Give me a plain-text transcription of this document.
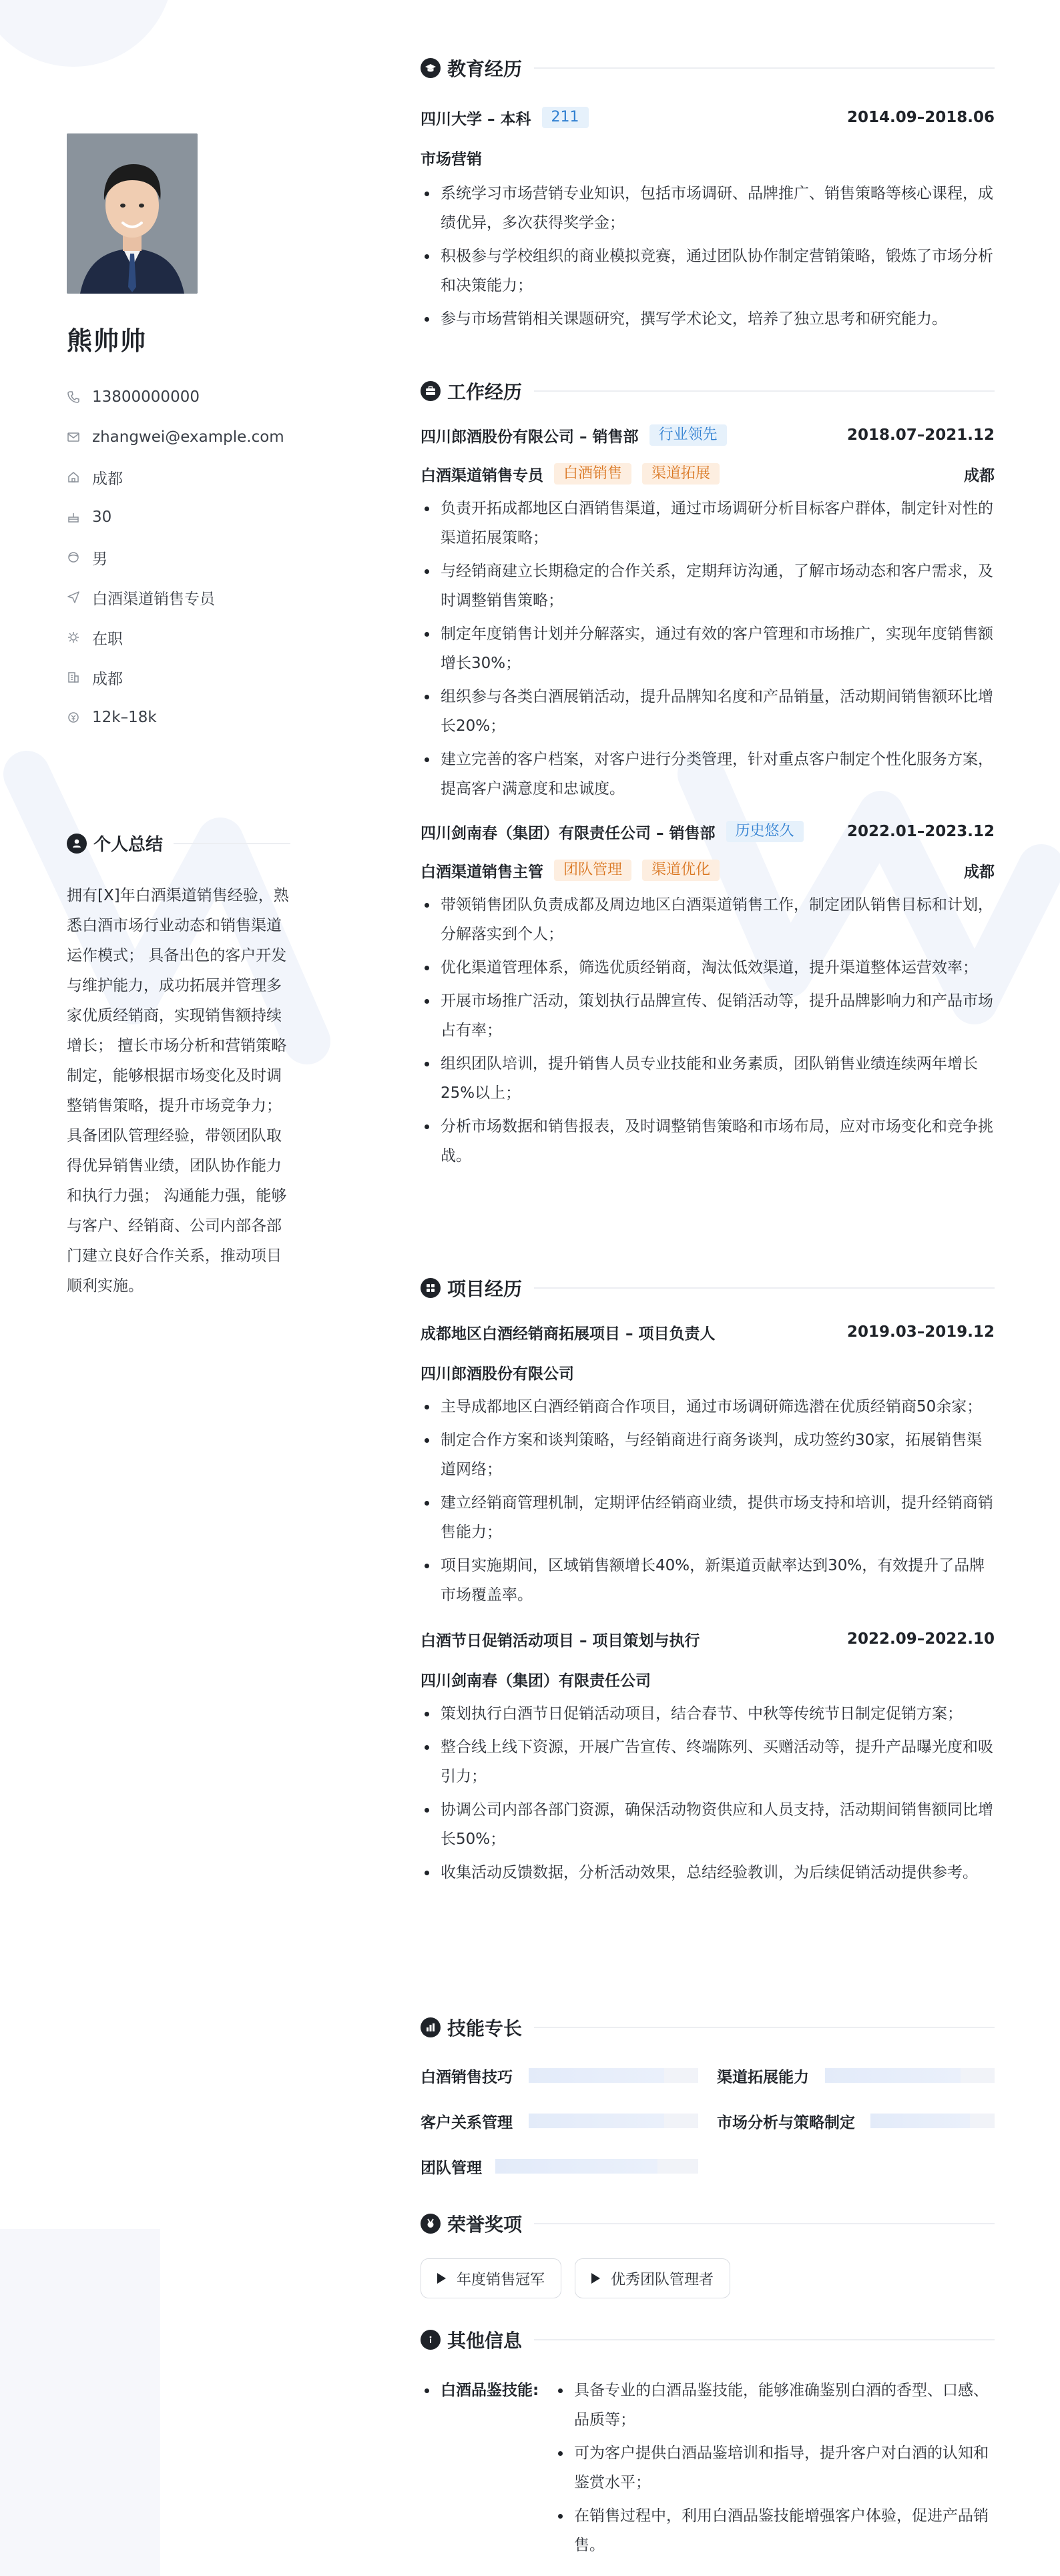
熊帅帅
13800000000
zhangwei@example.com
成都
30
男
白酒渠道销售专员
在职
成都
12k–18k
个人总结
拥有[X]年白酒渠道销售经验，熟悉白酒市场行业动态和销售渠道运作模式； 具备出色的客户开发与维护能力，成功拓展并管理多家优质经销商，实现销售额持续增长； 擅长市场分析和营销策略制定，能够根据市场变化及时调整销售策略，提升市场竞争力； 具备团队管理经验，带领团队取得优异销售业绩，团队协作能力和执行力强； 沟通能力强，能够与客户、经销商、公司内部各部门建立良好合作关系，推动项目顺利实施。
教育经历
四川大学 – 本科	211	2014.09–2018.06
市场营销
系统学习市场营销专业知识，包括市场调研、品牌推广、销售策略等核心课程，成绩优异，多次获得奖学金；
积极参与学校组织的商业模拟竞赛，通过团队协作制定营销策略，锻炼了市场分析和决策能力；
参与市场营销相关课题研究，撰写学术论文，培养了独立思考和研究能力。
工作经历
四川郎酒股份有限公司 – 销售部	行业领先	2018.07–2021.12
白酒渠道销售专员	白酒销售	渠道拓展	成都
负责开拓成都地区白酒销售渠道，通过市场调研分析目标客户群体，制定针对性的渠道拓展策略；
与经销商建立长期稳定的合作关系，定期拜访沟通，了解市场动态和客户需求，及时调整销售策略；
制定年度销售计划并分解落实，通过有效的客户管理和市场推广，实现年度销售额增长30%；
组织参与各类白酒展销活动，提升品牌知名度和产品销量，活动期间销售额环比增长20%；
建立完善的客户档案，对客户进行分类管理，针对重点客户制定个性化服务方案，提高客户满意度和忠诚度。
四川剑南春（集团）有限责任公司 – 销售部	历史悠久	2022.01–2023.12
白酒渠道销售主管	团队管理	渠道优化	成都
带领销售团队负责成都及周边地区白酒渠道销售工作，制定团队销售目标和计划，分解落实到个人；
优化渠道管理体系，筛选优质经销商，淘汰低效渠道，提升渠道整体运营效率；
开展市场推广活动，策划执行品牌宣传、促销活动等，提升品牌影响力和产品市场占有率；
组织团队培训，提升销售人员专业技能和业务素质，团队销售业绩连续两年增长25%以上；
分析市场数据和销售报表，及时调整销售策略和市场布局，应对市场变化和竞争挑战。
项目经历
成都地区白酒经销商拓展项目 – 项目负责人	2019.03–2019.12
四川郎酒股份有限公司
主导成都地区白酒经销商合作项目，通过市场调研筛选潜在优质经销商50余家；
制定合作方案和谈判策略，与经销商进行商务谈判，成功签约30家，拓展销售渠道网络；
建立经销商管理机制，定期评估经销商业绩，提供市场支持和培训，提升经销商销售能力；
项目实施期间，区域销售额增长40%，新渠道贡献率达到30%，有效提升了品牌市场覆盖率。
白酒节日促销活动项目 – 项目策划与执行	2022.09–2022.10
四川剑南春（集团）有限责任公司
策划执行白酒节日促销活动项目，结合春节、中秋等传统节日制定促销方案；
整合线上线下资源，开展广告宣传、终端陈列、买赠活动等，提升产品曝光度和吸引力；
协调公司内部各部门资源，确保活动物资供应和人员支持，活动期间销售额同比增长50%；
收集活动反馈数据，分析活动效果，总结经验教训，为后续促销活动提供参考。
技能专长
白酒销售技巧	渠道拓展能力
客户关系管理	市场分析与策略制定
团队管理
荣誉奖项
年度销售冠军	优秀团队管理者
其他信息
白酒品鉴技能:	具备专业的白酒品鉴技能，能够准确鉴别白酒的香型、口感、品质等；
可为客户提供白酒品鉴培训和指导，提升客户对白酒的认知和鉴赏水平；
在销售过程中，利用白酒品鉴技能增强客户体验，促进产品销售。
